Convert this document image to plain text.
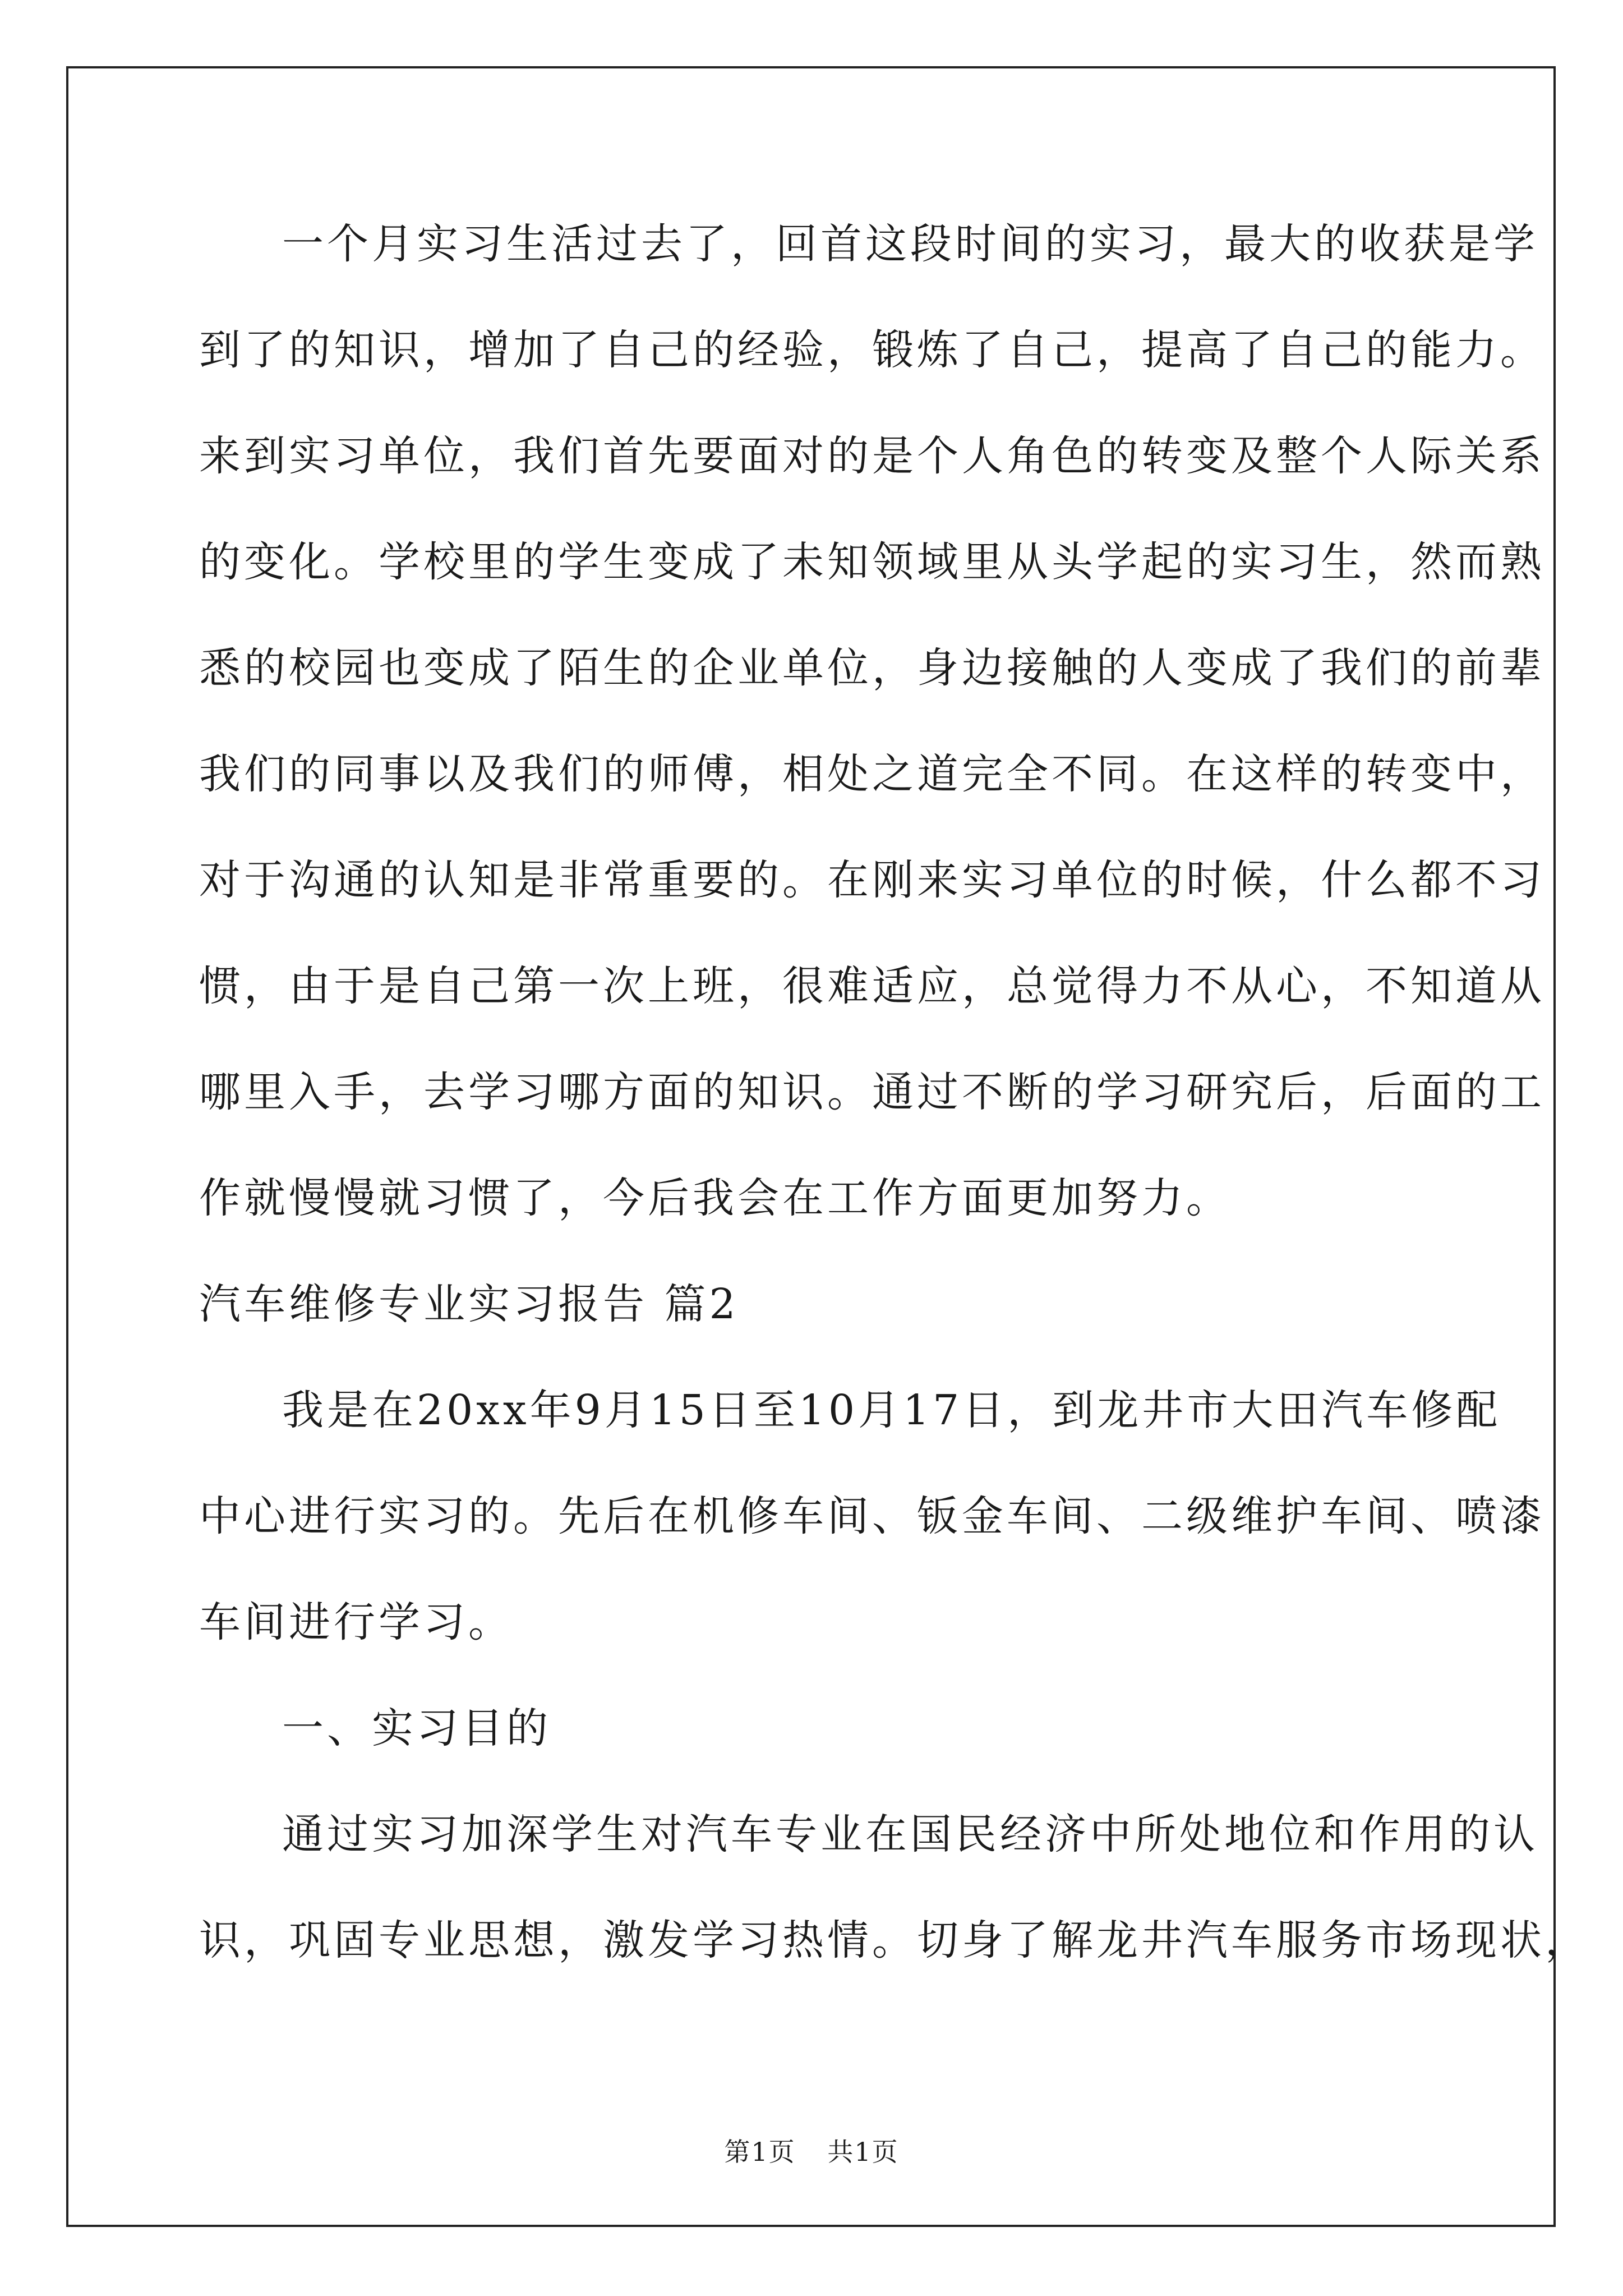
一个月实习生活过去了，回首这段时间的实习，最大的收获是学
到了的知识，增加了自己的经验，锻炼了自己，提高了自己的能力。
来到实习单位，我们首先要面对的是个人角色的转变及整个人际关系
的变化。学校里的学生变成了未知领域里从头学起的实习生，然而熟
悉的校园也变成了陌生的企业单位，身边接触的人变成了我们的前辈
我们的同事以及我们的师傅，相处之道完全不同。在这样的转变中，
对于沟通的认知是非常重要的。在刚来实习单位的时候，什么都不习
惯，由于是自己第一次上班，很难适应，总觉得力不从心，不知道从
哪里入手，去学习哪方面的知识。通过不断的学习研究后，后面的工
作就慢慢就习惯了，今后我会在工作方面更加努力。
汽车维修专业实习报告 篇2
我是在20xx年9月15日至10月17日，到龙井市大田汽车修配
中心进行实习的。先后在机修车间、钣金车间、二级维护车间、喷漆
车间进行学习。
一、实习目的
通过实习加深学生对汽车专业在国民经济中所处地位和作用的认
识，巩固专业思想，激发学习热情。切身了解龙井汽车服务市场现状，
第1页 共1页
